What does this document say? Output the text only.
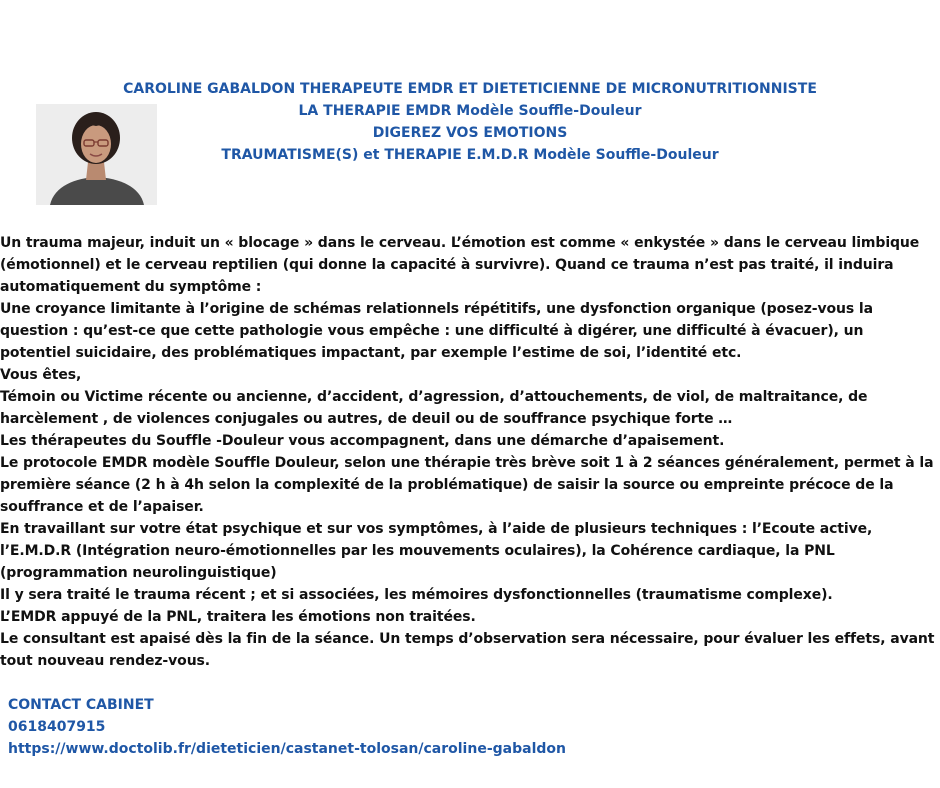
CAROLINE GABALDON THERAPEUTE EMDR ET DIETETICIENNE DE MICRONUTRITIONNISTE
LA THERAPIE EMDR Modèle Souffle-Douleur
DIGEREZ VOS EMOTIONS
TRAUMATISME(S) et THERAPIE E.M.D.R Modèle Souffle-Douleur

Un trauma majeur, induit un « blocage » dans le cerveau. L’émotion est comme « enkystée » dans le cerveau limbique (émotionnel) et le cerveau reptilien (qui donne la capacité à survivre). Quand ce trauma n’est pas traité, il induira automatiquement du symptôme :

Une croyance limitante à l’origine de schémas relationnels répétitifs, une dysfonction organique (posez-vous la question : qu’est-ce que cette pathologie vous empêche : une difficulté à digérer, une difficulté à évacuer), un potentiel suicidaire, des problématiques impactant, par exemple l’estime de soi, l’identité etc.

Vous êtes,

Témoin ou Victime récente ou ancienne, d’accident, d’agression, d’attouchements, de viol, de maltraitance, de harcèlement , de violences conjugales ou autres, de deuil ou de souffrance psychique forte …

Les thérapeutes du Souffle -Douleur vous accompagnent, dans une démarche d’apaisement.

Le protocole EMDR modèle Souffle Douleur, selon une thérapie très brève soit 1 à 2 séances généralement, permet à la première séance (2 h à 4h selon la complexité de la problématique) de saisir la source ou empreinte précoce de la souffrance et de l’apaiser.

En travaillant sur votre état psychique et sur vos symptômes, à l’aide de plusieurs techniques : l’Ecoute active, l’E.M.D.R (Intégration neuro-émotionnelles par les mouvements oculaires), la Cohérence cardiaque, la PNL (programmation neurolinguistique)

Il y sera traité le trauma récent ; et si associées, les mémoires dysfonctionnelles (traumatisme complexe).

L’EMDR appuyé de la PNL, traitera les émotions non traitées.

Le consultant est apaisé dès la fin de la séance. Un temps d’observation sera nécessaire, pour évaluer les effets, avant tout nouveau rendez-vous.

CONTACT CABINET
0618407915
https://www.doctolib.fr/dieteticien/castanet-tolosan/caroline-gabaldon
